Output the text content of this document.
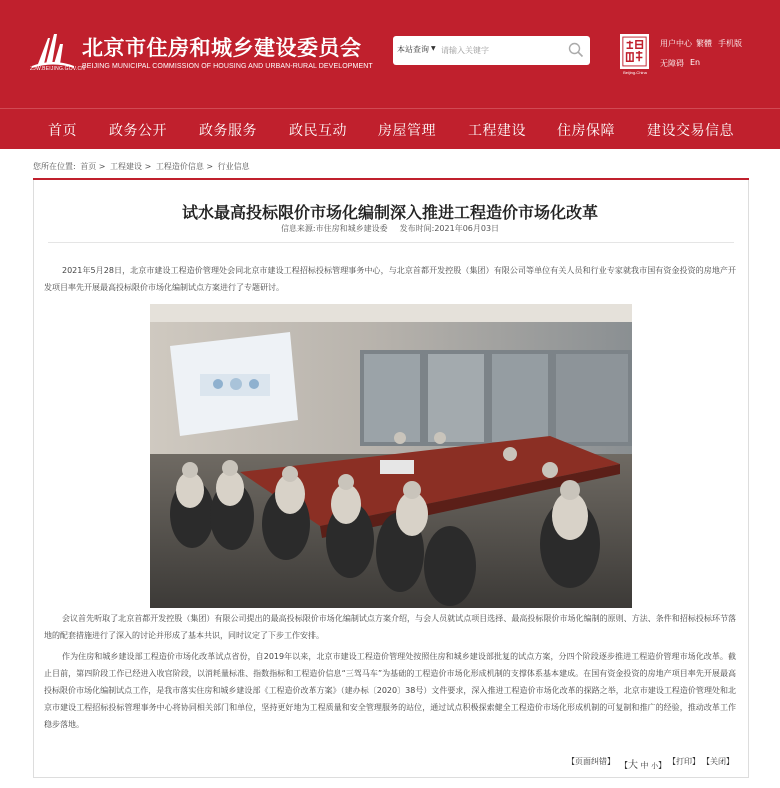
ZJW.BEIJING.GOV.CN
北京市住房和城乡建设委员会
BEIJING MUNICIPAL COMMISSION OF HOUSING AND URBAN-RURAL DEVELOPMENT
本站查询 ▼
请输入关键字
Beijing-China
用户中心 繁體 手机版
无障碍 En
首页 政务公开 政务服务 政民互动 房屋管理 工程建设 住房保障 建设交易信息
您所在位置: 首页 > 工程建设 > 工程造价信息 > 行业信息
试水最高投标限价市场化编制深入推进工程造价市场化改革
信息来源:市住房和城乡建设委 发布时间:2021年06月03日
2021年5月28日，北京市建设工程造价管理处会同北京市建设工程招标投标管理事务中心，与北京首都开发控股（集团）有限公司等单位有关人员和行业专家就我市国有资金投资的房地产开发项目率先开展最高投标限价市场化编制试点方案进行了专题研讨。
会议首先听取了北京首都开发控股（集团）有限公司提出的最高投标限价市场化编制试点方案介绍，与会人员就试点项目选择、最高投标限价市场化编制的原则、方法、条件和招标投标环节落地的配套措施进行了深入的讨论并形成了基本共识，同时议定了下步工作安排。
作为住房和城乡建设部工程造价市场化改革试点省份，自2019年以来，北京市建设工程造价管理处按照住房和城乡建设部批复的试点方案，分四个阶段逐步推进工程造价管理市场化改革。截止目前，第四阶段工作已经进入收官阶段，以消耗量标准、指数指标和工程造价信息“三驾马车”为基础的工程造价市场化形成机制的支撑体系基本建成。在国有资金投资的房地产项目率先开展最高投标限价市场化编制试点工作，是我市落实住房和城乡建设部《工程造价改革方案》（建办标〔2020〕38号）文件要求，深入推进工程造价市场化改革的探路之举，北京市建设工程造价管理处和北京市建设工程招标投标管理事务中心将协同相关部门和单位，坚持更好地为工程质量和安全管理服务的站位，通过试点积极探索健全工程造价市场化形成机制的可复制和推广的经验，推动改革工作稳步落地。
【页面纠错】 【大 中 小】 【打印】 【关闭】
